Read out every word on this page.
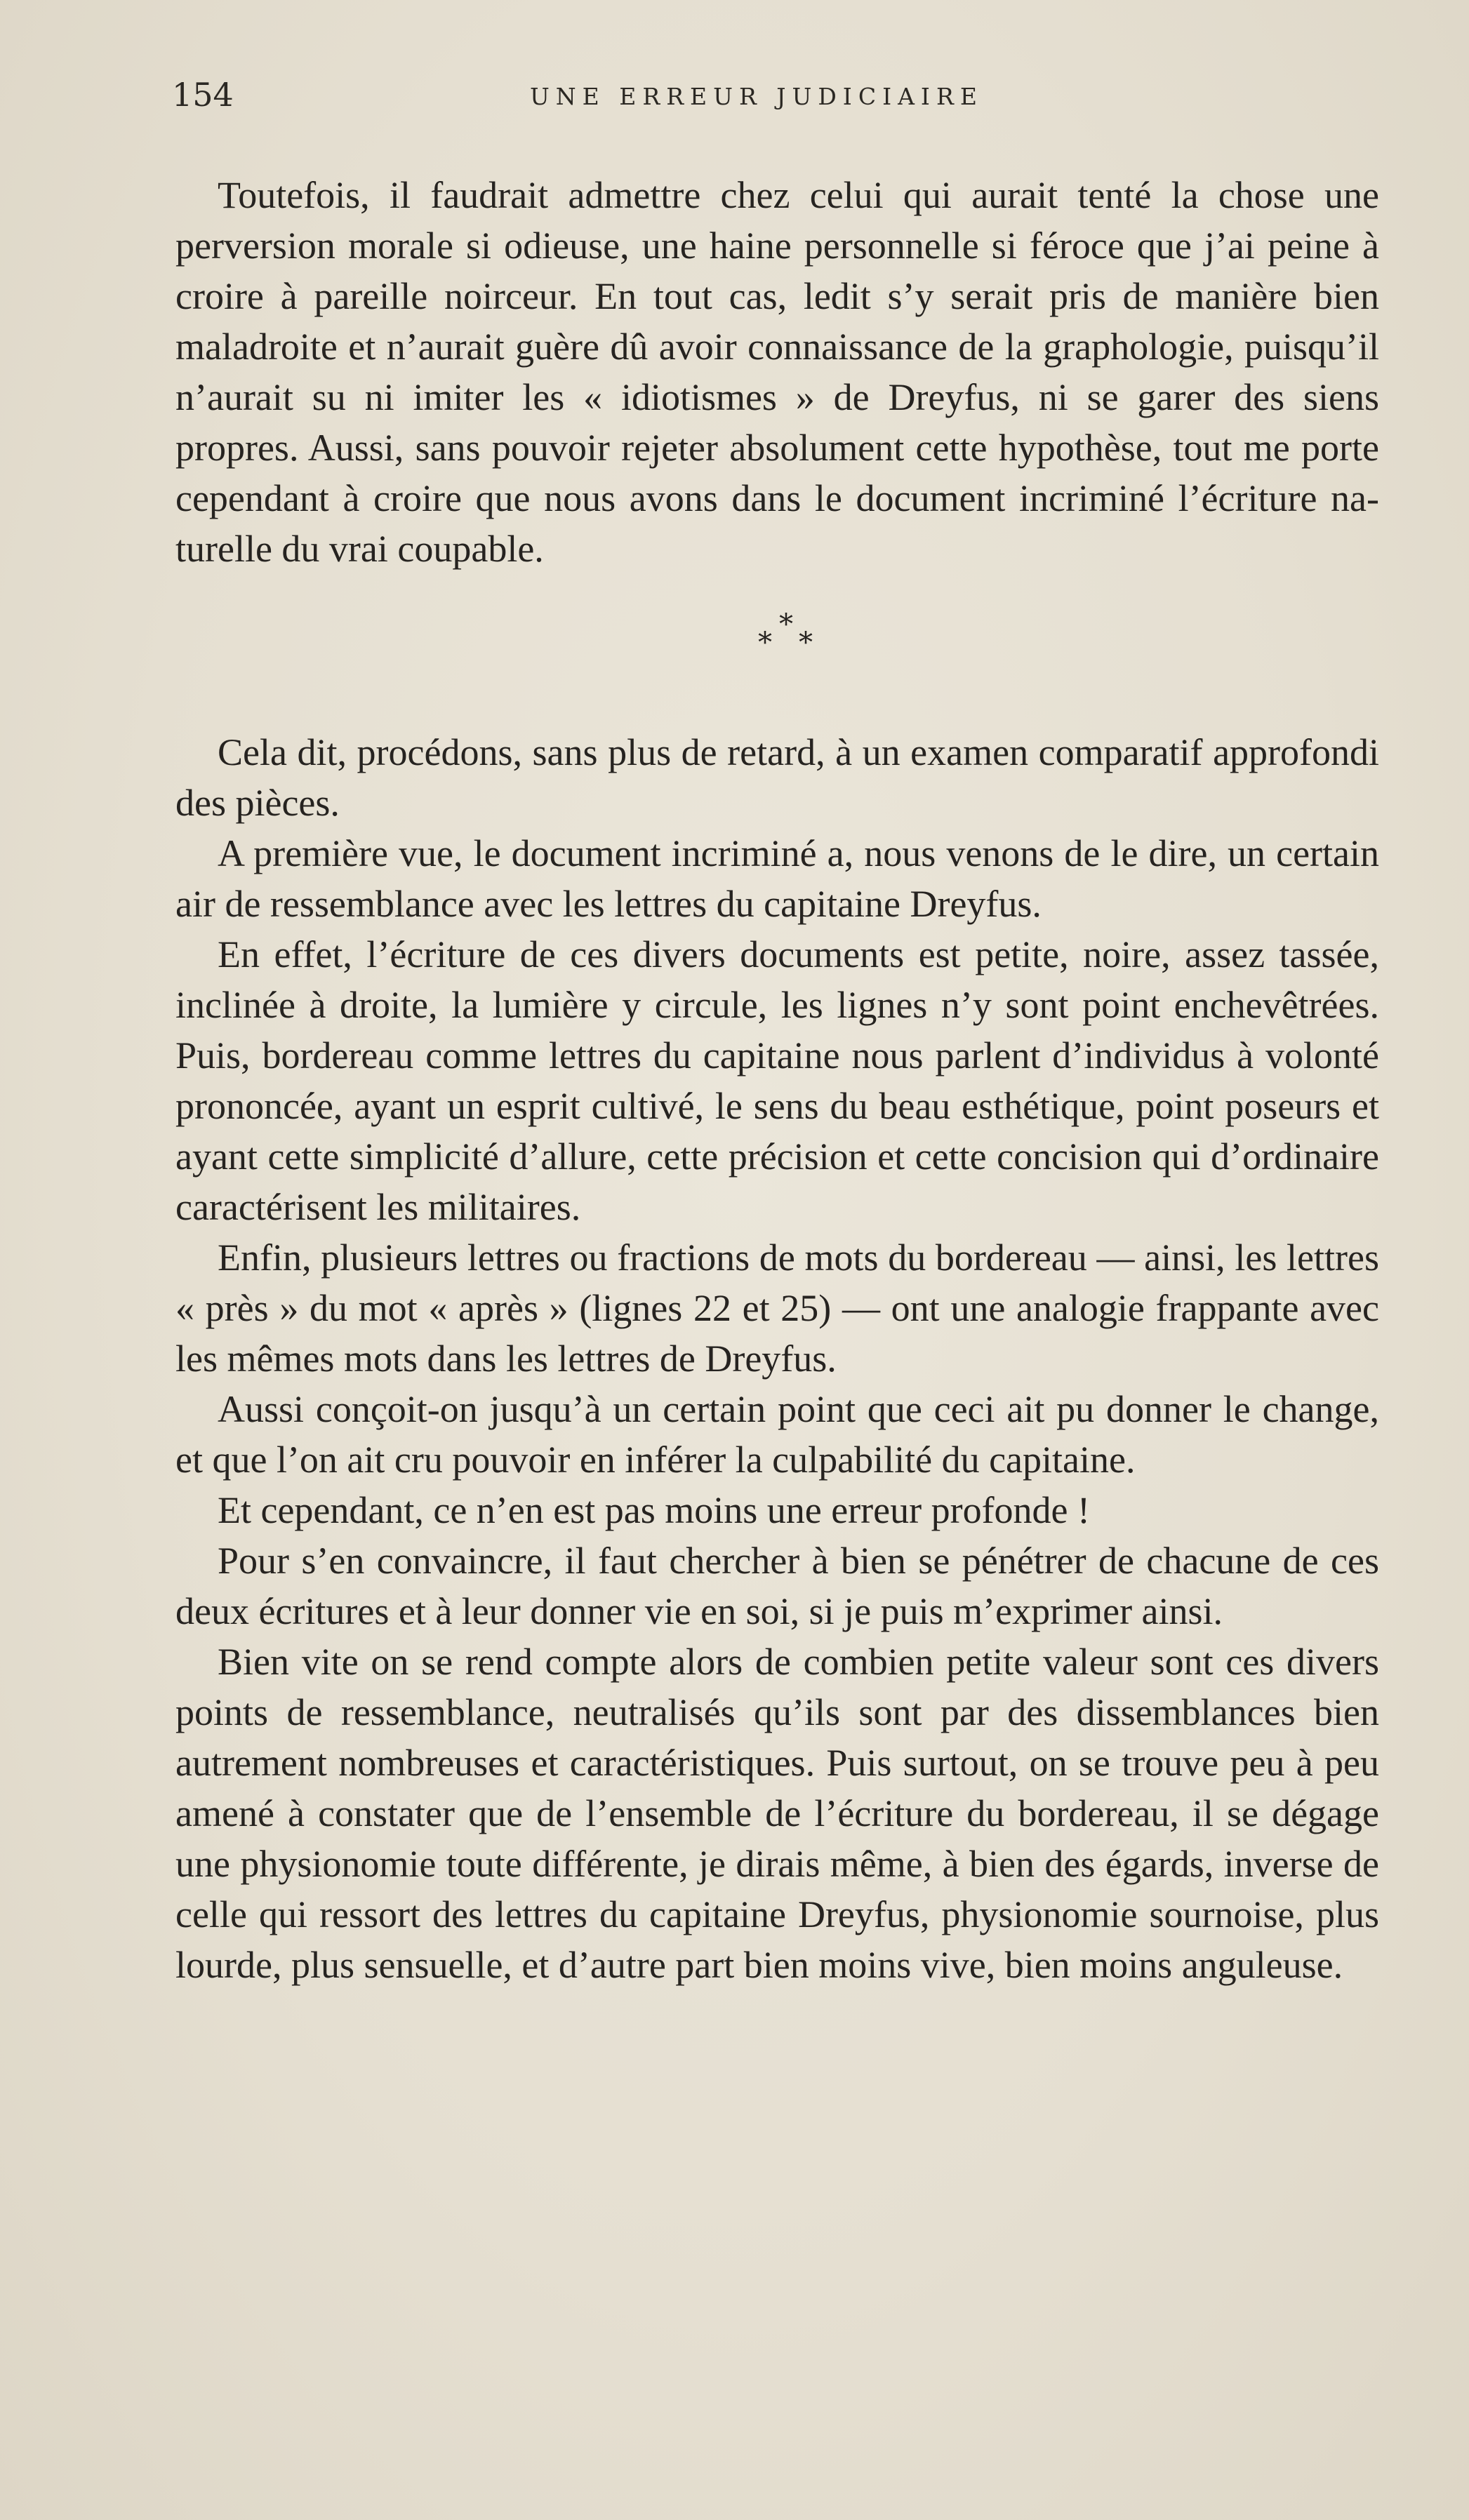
154	UNE ERREUR JUDICIAIRE

Toutefois, il faudrait admettre chez celui qui aurait tenté la chose une perversion morale si odieuse, une haine personnelle si féroce que j’ai peine à croire à pareille noirceur. En tout cas, ledit s’y serait pris de manière bien maladroite et n’aurait guère dû avoir connaissance de la graphologie, puisqu’il n’aurait su ni imiter les « idiotismes » de Dreyfus, ni se garer des siens propres. Aussi, sans pouvoir rejeter absolument cette hypothèse, tout me porte cependant à croire que nous avons dans le document incriminé l’écriture naturelle du vrai coupable.

*
* *

Cela dit, procédons, sans plus de retard, à un examen comparatif approfondi des pièces.

A première vue, le document incriminé a, nous venons de le dire, un certain air de ressemblance avec les lettres du capitaine Dreyfus.

En effet, l’écriture de ces divers documents est petite, noire, assez tassée, inclinée à droite, la lumière y circule, les lignes n’y sont point enchevêtrées. Puis, bordereau comme lettres du capitaine nous parlent d’individus à volonté prononcée, ayant un esprit cultivé, le sens du beau esthétique, point poseurs et ayant cette simplicité d’allure, cette précision et cette concision qui d’ordinaire caractérisent les militaires.

Enfin, plusieurs lettres ou fractions de mots du bordereau — ainsi, les lettres « près » du mot « après » (lignes 22 et 25) — ont une analogie frappante avec les mêmes mots dans les lettres de Dreyfus.

Aussi conçoit-on jusqu’à un certain point que ceci ait pu donner le change, et que l’on ait cru pouvoir en inférer la culpabilité du capitaine.

Et cependant, ce n’en est pas moins une erreur profonde !

Pour s’en convaincre, il faut chercher à bien se pénétrer de chacune de ces deux écritures et à leur donner vie en soi, si je puis m’exprimer ainsi.

Bien vite on se rend compte alors de combien petite valeur sont ces divers points de ressemblance, neutralisés qu’ils sont par des dissemblances bien autrement nombreuses et caractéristiques. Puis surtout, on se trouve peu à peu amené à constater que de l’ensemble de l’écriture du bordereau, il se dégage une physionomie toute différente, je dirais même, à bien des égards, inverse de celle qui ressort des lettres du capitaine Dreyfus, physionomie sournoise, plus lourde, plus sensuelle, et d’autre part bien moins vive, bien moins anguleuse.
